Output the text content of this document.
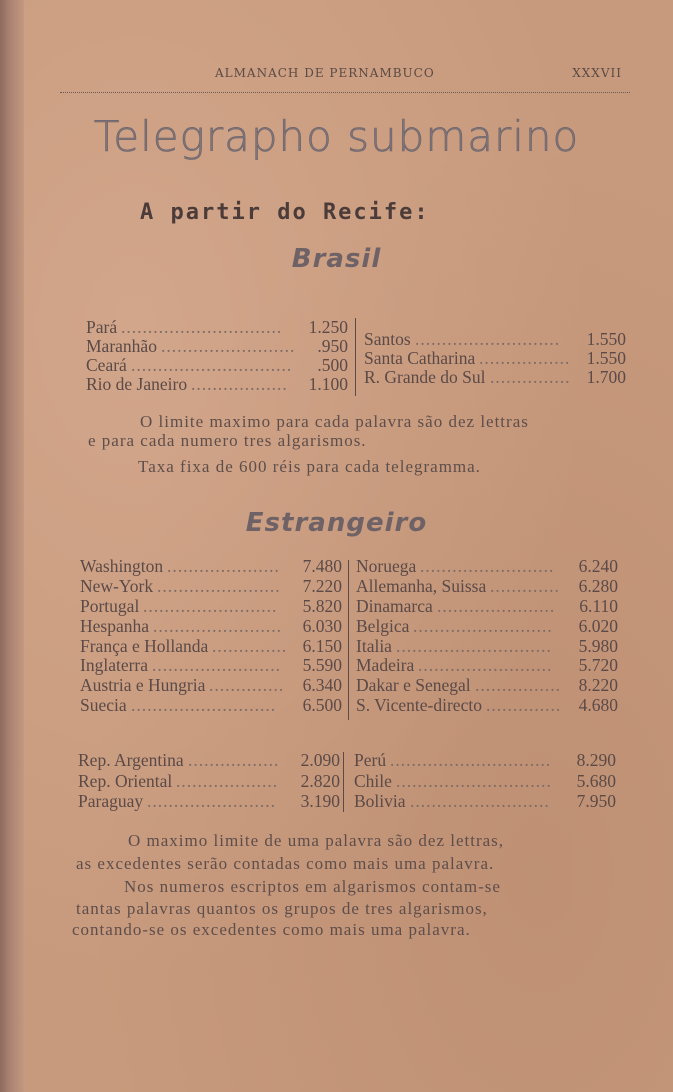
ALMANACH DE PERNAMBUCO	XXXVII
Telegrapho submarino
A partir do Recife:
Brasil
Pará ..............................	1.250
Maranhão .........................	.950
Ceará ..............................	.500
Rio de Janeiro ..................	1.100
Santos ...........................	1.550
Santa Catharina ................. 1.550
R. Grande do Sul ............... 1.700
O limite maximo para cada palavra são dez lettras
e para cada numero tres algarismos.
Taxa fixa de 600 réis para cada telegramma.
Estrangeiro
Washington .....................	7.480
New-York .......................	7.220
Portugal .........................	5.820
Hespanha ........................	6.030
França e Hollanda .............. 6.150
Inglaterra ........................	5.590
Austria e Hungria ..............	6.340
Suecia ...........................	6.500
Noruega .........................	6.240
Allemanha, Suissa .............	6.280
Dinamarca ......................	6.110
Belgica ..........................	6.020
Italia .............................	5.980
Madeira .........................	5.720
Dakar e Senegal ................	8.220
S. Vicente-directo .............. 4.680
Rep. Argentina .................	2.090
Rep. Oriental ...................	2.820
Paraguay ........................	3.190
Perú ..............................	8.290
Chile .............................	5.680
Bolivia ..........................	7.950
O maximo limite de uma palavra são dez lettras,
as excedentes serão contadas como mais uma palavra.
Nos numeros escriptos em algarismos contam-se
tantas palavras quantos os grupos de tres algarismos,
contando-se os excedentes como mais uma palavra.
